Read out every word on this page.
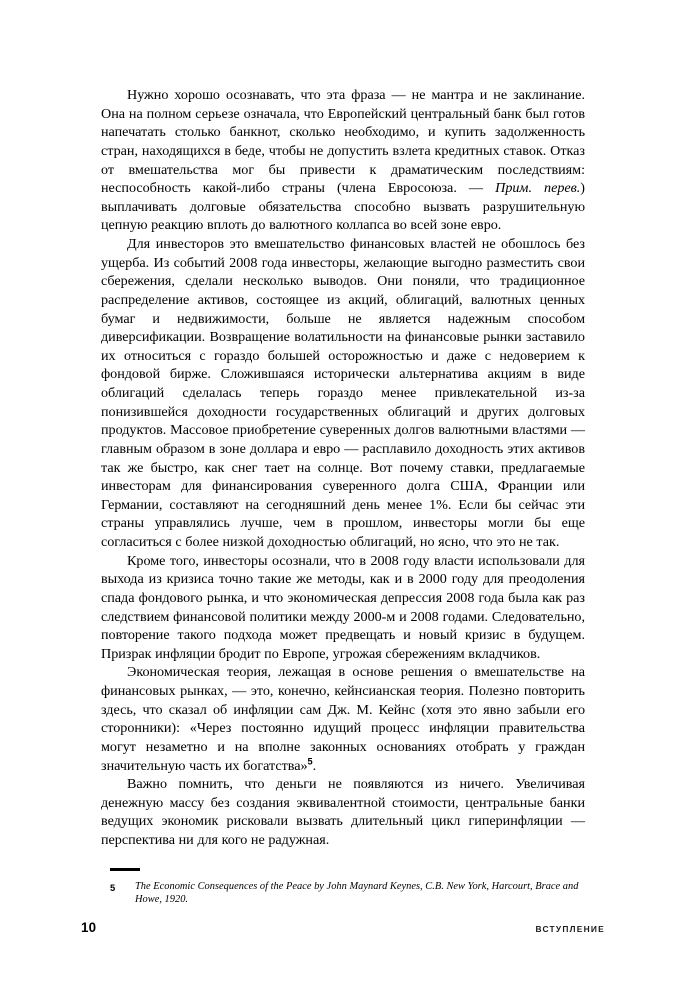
Нужно хорошо осознавать, что эта фраза — не мантра и не заклинание. Она на полном серьезе означала, что Европейский центральный банк был готов напечатать столько банкнот, сколько необходимо, и купить задолженность стран, находящихся в беде, чтобы не допустить взлета кредитных ставок. Отказ от вмешательства мог бы привести к драматическим последствиям: неспособность какой-либо страны (члена Евросоюза. — Прим. перев.) выплачивать долговые обязательства способно вызвать разрушительную цепную реакцию вплоть до валютного коллапса во всей зоне евро.

Для инвесторов это вмешательство финансовых властей не обошлось без ущерба. Из событий 2008 года инвесторы, желающие выгодно разместить свои сбережения, сделали несколько выводов. Они поняли, что традиционное распределение активов, состоящее из акций, облигаций, валютных ценных бумаг и недвижимости, больше не является надежным способом диверсификации. Возвращение волатильности на финансовые рынки заставило их относиться с гораздо большей осторожностью и даже с недоверием к фондовой бирже. Сложившаяся исторически альтернатива акциям в виде облигаций сделалась теперь гораздо менее привлекательной из-за понизившейся доходности государственных облигаций и других долговых продуктов. Массовое приобретение суверенных долгов валютными властями — главным образом в зоне доллара и евро — расплавило доходность этих активов так же быстро, как снег тает на солнце. Вот почему ставки, предлагаемые инвесторам для финансирования суверенного долга США, Франции или Германии, составляют на сегодняшний день менее 1%. Если бы сейчас эти страны управлялись лучше, чем в прошлом, инвесторы могли бы еще согласиться с более низкой доходностью облигаций, но ясно, что это не так.

Кроме того, инвесторы осознали, что в 2008 году власти использовали для выхода из кризиса точно такие же методы, как и в 2000 году для преодоления спада фондового рынка, и что экономическая депрессия 2008 года была как раз следствием финансовой политики между 2000-м и 2008 годами. Следовательно, повторение такого подхода может предвещать и новый кризис в будущем. Призрак инфляции бродит по Европе, угрожая сбережениям вкладчиков.

Экономическая теория, лежащая в основе решения о вмешательстве на финансовых рынках, — это, конечно, кейнсианская теория. Полезно повторить здесь, что сказал об инфляции сам Дж. М. Кейнс (хотя это явно забыли его сторонники): «Через постоянно идущий процесс инфляции правительства могут незаметно и на вполне законных основаниях отобрать у граждан значительную часть их богатства»$^5$.

Важно помнить, что деньги не появляются из ничего. Увеличивая денежную массу без создания эквивалентной стоимости, центральные банки ведущих экономик рисковали вызвать длительный цикл гиперинфляции — перспектива ни для кого не радужная.

5	The Economic Consequences of the Peace by John Maynard Keynes, C.B. New York, Harcourt, Brace and Howe, 1920.
10	ВСТУПЛЕНИЕ
